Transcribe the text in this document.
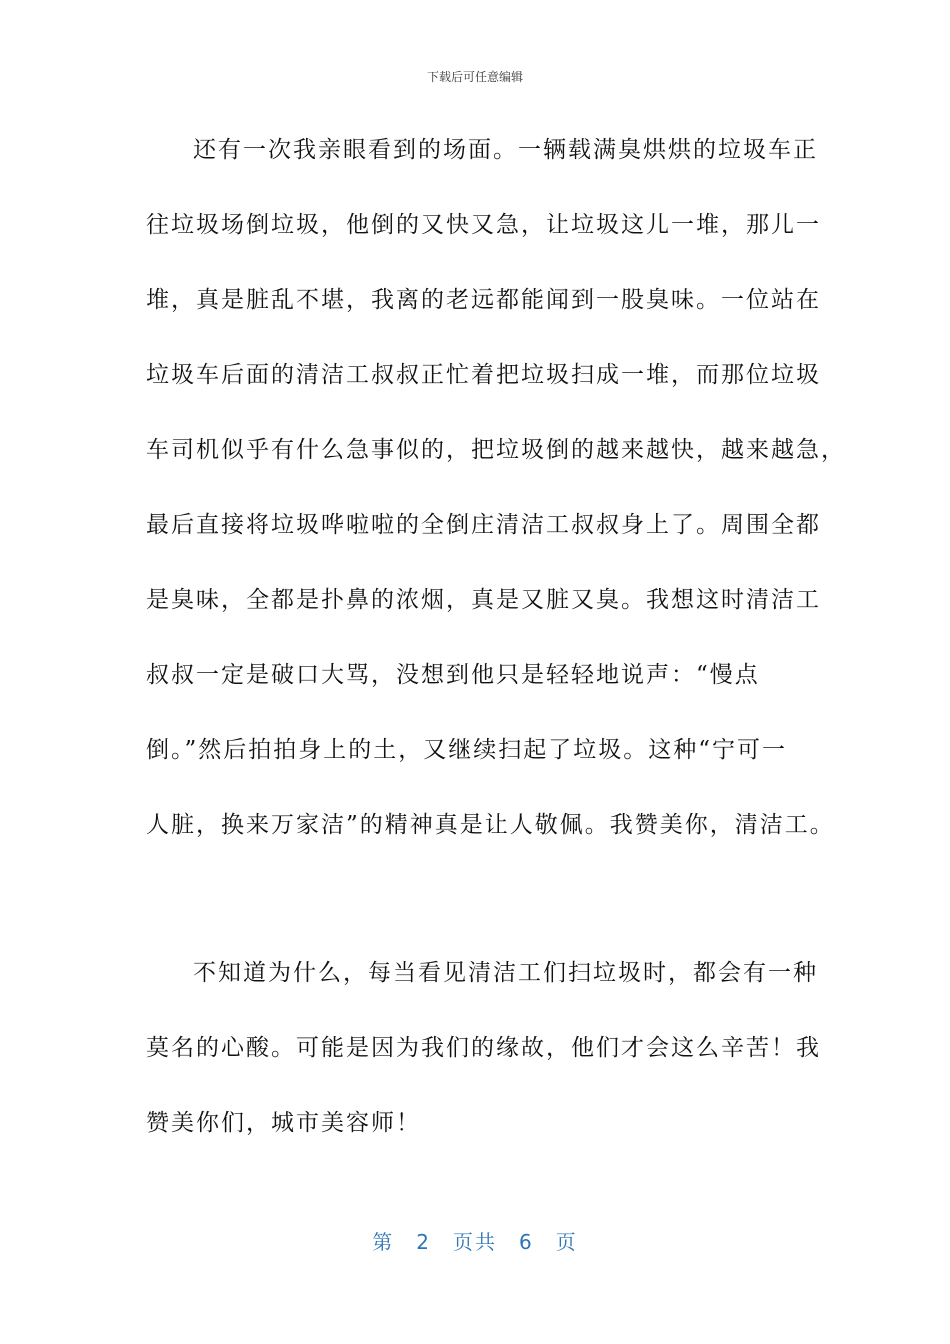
下载后可任意编辑
还有一次我亲眼看到的场面。一辆载满臭烘烘的垃圾车正
往垃圾场倒垃圾，他倒的又快又急，让垃圾这儿一堆，那儿一
堆，真是脏乱不堪，我离的老远都能闻到一股臭味。一位站在
垃圾车后面的清洁工叔叔正忙着把垃圾扫成一堆，而那位垃圾
车司机似乎有什么急事似的，把垃圾倒的越来越快，越来越急，
最后直接将垃圾哗啦啦的全倒庄清洁工叔叔身上了。周围全都
是臭味，全都是扑鼻的浓烟，真是又脏又臭。我想这时清洁工
叔叔一定是破口大骂，没想到他只是轻轻地说声：“慢点
倒。”然后拍拍身上的土，又继续扫起了垃圾。这种“宁可一
人脏，换来万家洁”的精神真是让人敬佩。我赞美你，清洁工。
不知道为什么，每当看见清洁工们扫垃圾时，都会有一种
莫名的心酸。可能是因为我们的缘故，他们才会这么辛苦！我
赞美你们，城市美容师！
第 2 页共 6 页
